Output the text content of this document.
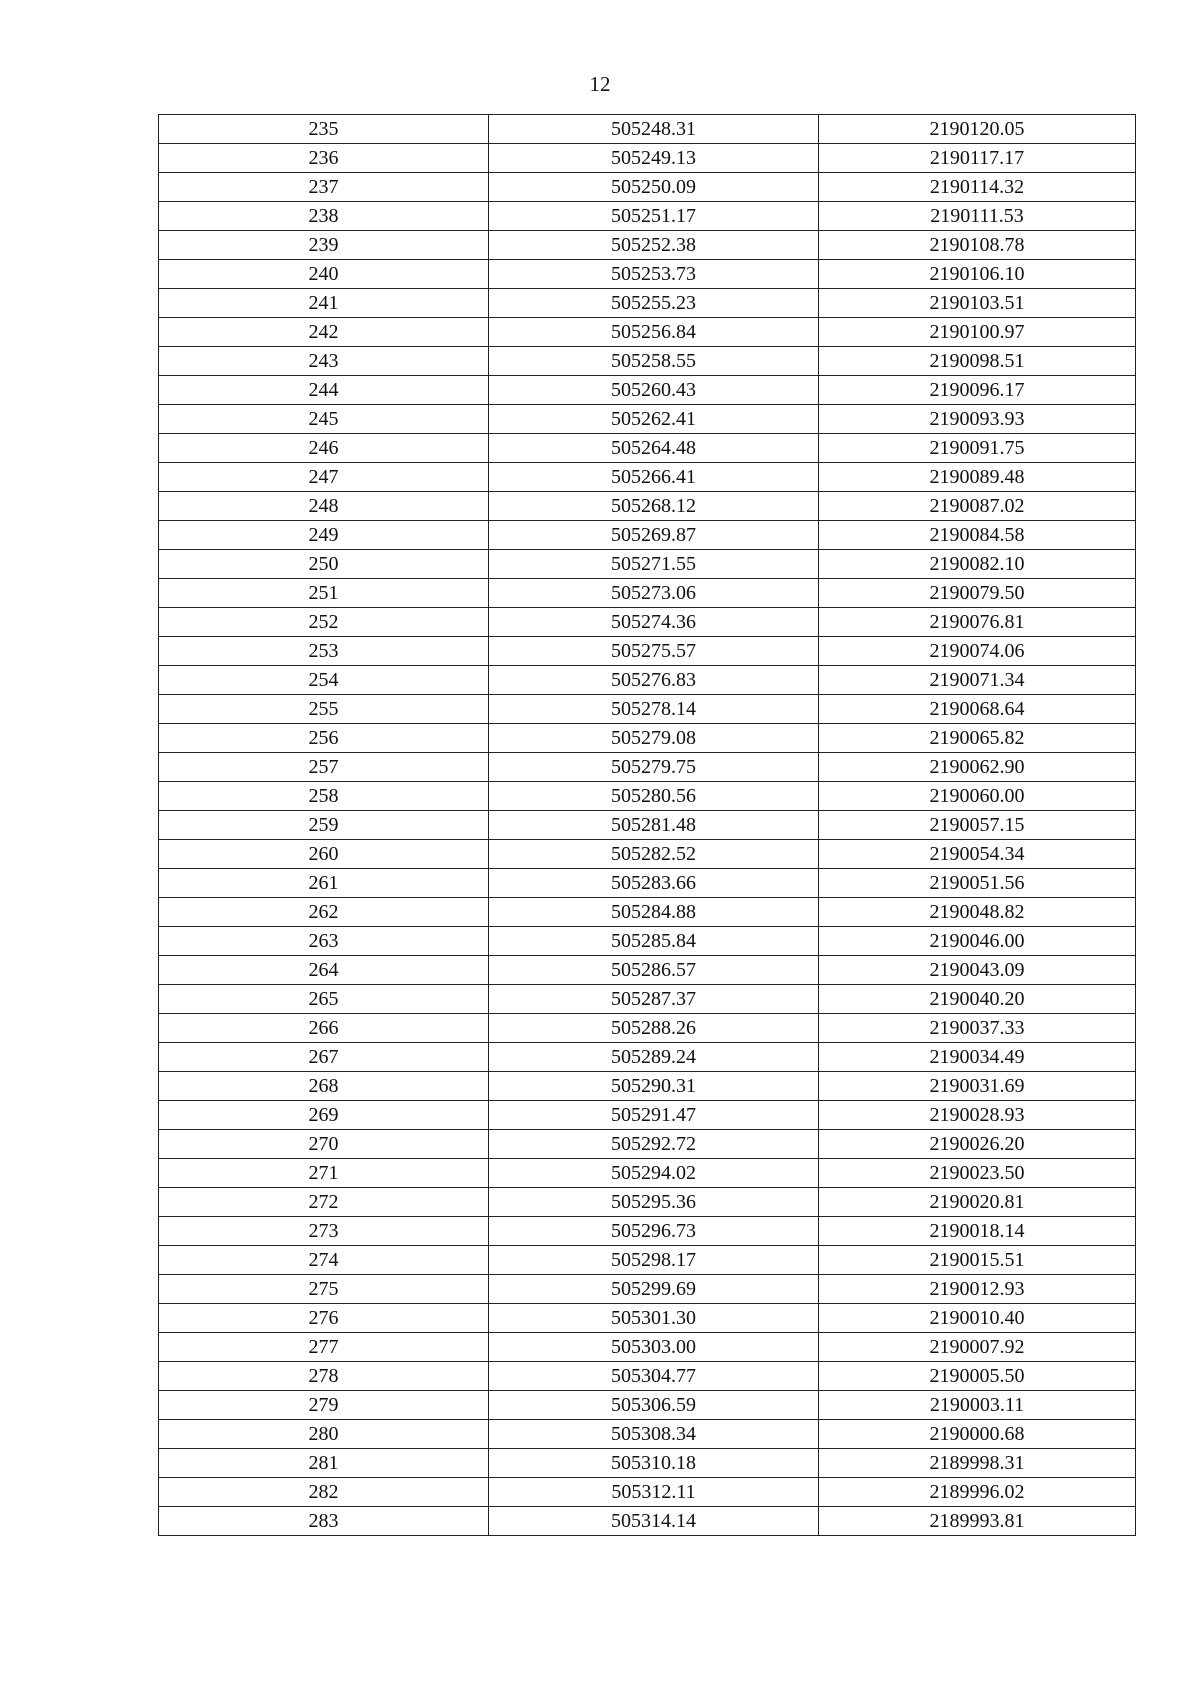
12
235	505248.31	2190120.05
236	505249.13	2190117.17
237	505250.09	2190114.32
238	505251.17	2190111.53
239	505252.38	2190108.78
240	505253.73	2190106.10
241	505255.23	2190103.51
242	505256.84	2190100.97
243	505258.55	2190098.51
244	505260.43	2190096.17
245	505262.41	2190093.93
246	505264.48	2190091.75
247	505266.41	2190089.48
248	505268.12	2190087.02
249	505269.87	2190084.58
250	505271.55	2190082.10
251	505273.06	2190079.50
252	505274.36	2190076.81
253	505275.57	2190074.06
254	505276.83	2190071.34
255	505278.14	2190068.64
256	505279.08	2190065.82
257	505279.75	2190062.90
258	505280.56	2190060.00
259	505281.48	2190057.15
260	505282.52	2190054.34
261	505283.66	2190051.56
262	505284.88	2190048.82
263	505285.84	2190046.00
264	505286.57	2190043.09
265	505287.37	2190040.20
266	505288.26	2190037.33
267	505289.24	2190034.49
268	505290.31	2190031.69
269	505291.47	2190028.93
270	505292.72	2190026.20
271	505294.02	2190023.50
272	505295.36	2190020.81
273	505296.73	2190018.14
274	505298.17	2190015.51
275	505299.69	2190012.93
276	505301.30	2190010.40
277	505303.00	2190007.92
278	505304.77	2190005.50
279	505306.59	2190003.11
280	505308.34	2190000.68
281	505310.18	2189998.31
282	505312.11	2189996.02
283	505314.14	2189993.81
